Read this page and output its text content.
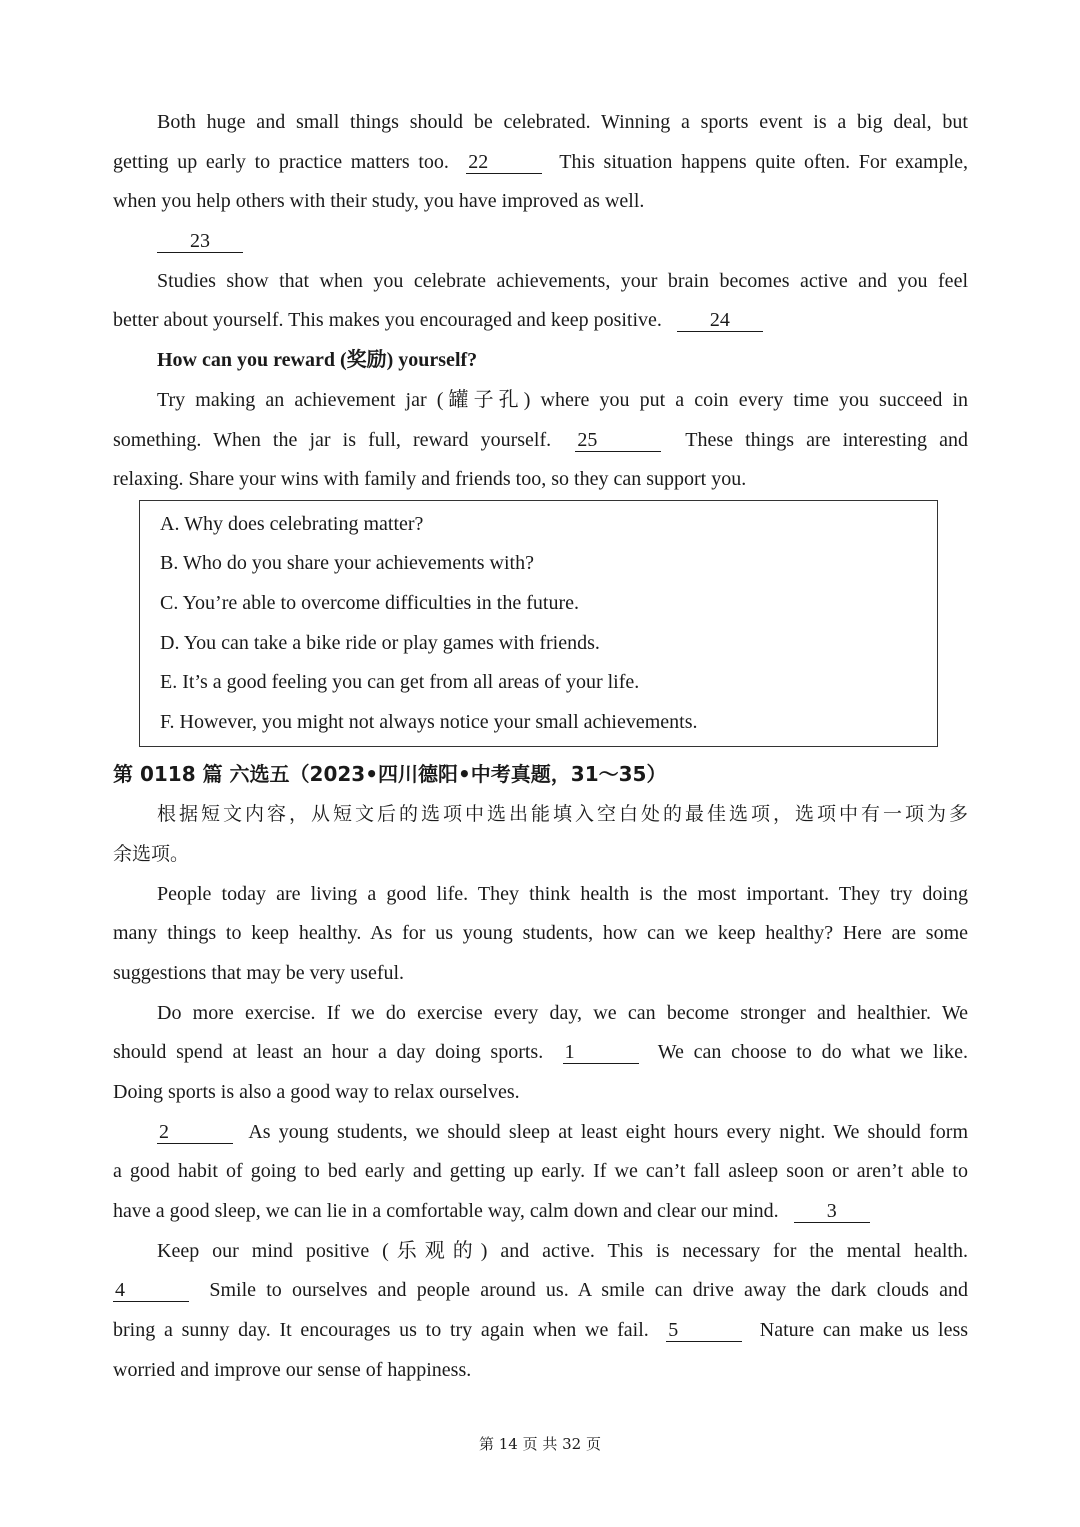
Both huge and small things should be celebrated. Winning a sports event is a big deal, but
getting up early to practice matters too. 22	This situation happens quite often. For example,
when you help others with their study, you have improved as well.
23
Studies show that when you celebrate achievements, your brain becomes active and you feel
better about yourself. This makes you encouraged and keep positive. 24
How can you reward (奖励) yourself?
Try making an achievement jar (罐子孔) where you put a coin every time you succeed in
something. When the jar is full, reward yourself. 25	These things are interesting and
relaxing. Share your wins with family and friends too, so they can support you.
A. Why does celebrating matter?
B. Who do you share your achievements with?
C. You’re able to overcome difficulties in the future.
D. You can take a bike ride or play games with friends.
E. It’s a good feeling you can get from all areas of your life.
F. However, you might not always notice your small achievements.
第 0118 篇 六选五（2023•四川德阳•中考真题，31～35）
根据短文内容，从短文后的选项中选出能填入空白处的最佳选项，选项中有一项为多
余选项。
People today are living a good life. They think health is the most important. They try doing
many things to keep healthy. As for us young students, how can we keep healthy? Here are some
suggestions that may be very useful.
Do more exercise. If we do exercise every day, we can become stronger and healthier. We
should spend at least an hour a day doing sports. 1	We can choose to do what we like.
Doing sports is also a good way to relax ourselves.
2	As young students, we should sleep at least eight hours every night. We should form
a good habit of going to bed early and getting up early. If we can’t fall asleep soon or aren’t able to
have a good sleep, we can lie in a comfortable way, calm down and clear our mind. 3
Keep our mind positive (乐观的) and active. This is necessary for the mental health.
4	Smile to ourselves and people around us. A smile can drive away the dark clouds and
bring a sunny day. It encourages us to try again when we fail. 5	Nature can make us less
worried and improve our sense of happiness.
第 14 页 共 32 页
